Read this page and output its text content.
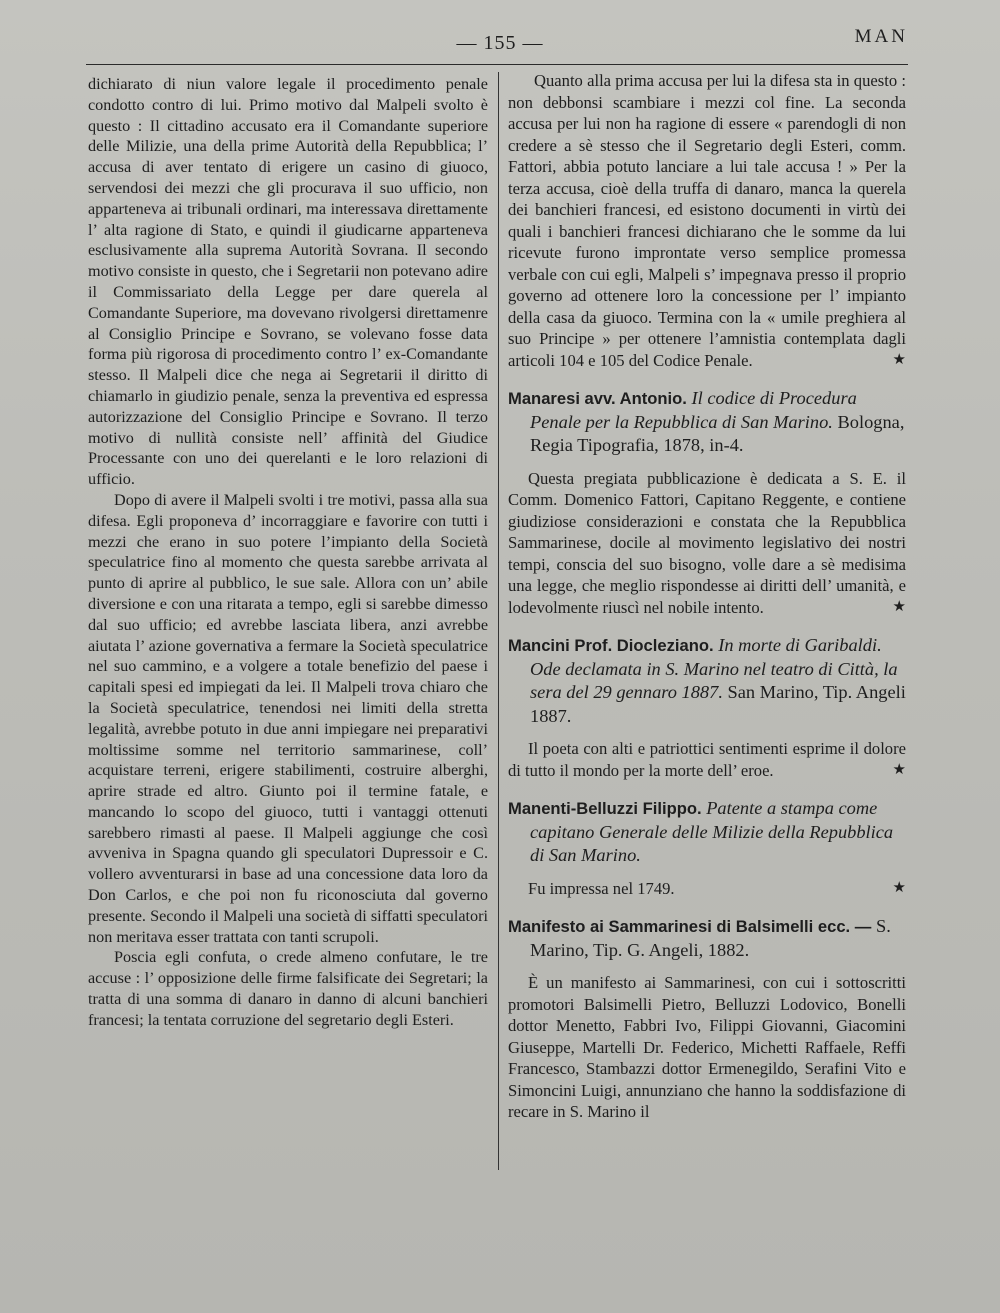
— 155 —	MAN

dichiarato di niun valore legale il procedimento penale condotto contro di lui. Primo motivo dal Malpeli svolto è questo : Il cittadino accusato era il Comandante superiore delle Milizie, una della prime Autorità della Repubblica; l’ accusa di aver tentato di erigere un casino di giuoco, servendosi dei mezzi che gli procurava il suo ufficio, non apparteneva ai tribunali ordinari, ma interessava direttamente l’ alta ragione di Stato, e quindi il giudicarne apparteneva esclusivamente alla suprema Autorità Sovrana. Il secondo motivo consiste in questo, che i Segretarii non potevano adire il Commissariato della Legge per dare querela al Comandante Superiore, ma dovevano rivolgersi direttamenre al Consiglio Principe e Sovrano, se volevano fosse data forma più rigorosa di procedimento contro l’ ex-Comandante stesso. Il Malpeli dice che nega ai Segretarii il diritto di chiamarlo in giudizio penale, senza la preventiva ed espressa autorizzazione del Consiglio Principe e Sovrano. Il terzo motivo di nullità consiste nell’ affinità del Giudice Processante con uno dei querelanti e le loro relazioni di ufficio.

Dopo di avere il Malpeli svolti i tre motivi, passa alla sua difesa. Egli proponeva d’ incorraggiare e favorire con tutti i mezzi che erano in suo potere l’impianto della Società speculatrice fino al momento che questa sarebbe arrivata al punto di aprire al pubblico, le sue sale. Allora con un’ abile diversione e con una ritarata a tempo, egli si sarebbe dimesso dal suo ufficio; ed avrebbe lasciata libera, anzi avrebbe aiutata l’ azione governativa a fermare la Società speculatrice nel suo cammino, e a volgere a totale benefizio del paese i capitali spesi ed impiegati da lei. Il Malpeli trova chiaro che la Società speculatrice, tenendosi nei limiti della stretta legalità, avrebbe potuto in due anni impiegare nei preparativi moltissime somme nel territorio sammarinese, coll’ acquistare terreni, erigere stabilimenti, costruire alberghi, aprire strade ed altro. Giunto poi il termine fatale, e mancando lo scopo del giuoco, tutti i vantaggi ottenuti sarebbero rimasti al paese. Il Malpeli aggiunge che così avveniva in Spagna quando gli speculatori Dupressoir e C. vollero avventurarsi in base ad una concessione data loro da Don Carlos, e che poi non fu riconosciuta dal governo presente. Secondo il Malpeli una società di siffatti speculatori non meritava esser trattata con tanti scrupoli.

Poscia egli confuta, o crede almeno confutare, le tre accuse : l’ opposizione delle firme falsificate dei Segretari; la tratta di una somma di danaro in danno di alcuni banchieri francesi; la tentata corruzione del segretario degli Esteri.

Quanto alla prima accusa per lui la difesa sta in questo : non debbonsi scambiare i mezzi col fine. La seconda accusa per lui non ha ragione di essere « parendogli di non credere a sè stesso che il Segretario degli Esteri, comm. Fattori, abbia potuto lanciare a lui tale accusa ! » Per la terza accusa, cioè della truffa di danaro, manca la querela dei banchieri francesi, ed esistono documenti in virtù dei quali i banchieri francesi dichiarano che le somme da lui ricevute furono improntate verso semplice promessa verbale con cui egli, Malpeli s’ impegnava presso il proprio governo ad ottenere loro la concessione per l’ impianto della casa da giuoco. Termina con la « umile preghiera al suo Principe » per ottenere l’amnistia contemplata dagli articoli 104 e 105 del Codice Penale.	★

Manaresi avv. Antonio. Il codice di Procedura Penale per la Repubblica di San Marino. Bologna, Regia Tipografia, 1878, in-4.

Questa pregiata pubblicazione è dedicata a S. E. il Comm. Domenico Fattori, Capitano Reggente, e contiene giudiziose considerazioni e constata che la Repubblica Sammarinese, docile al movimento legislativo dei nostri tempi, conscia del suo bisogno, volle dare a sè medisima una legge, che meglio rispondesse ai diritti dell’ umanità, e lodevolmente riuscì nel nobile intento.	★

Mancini Prof. Diocleziano. In morte di Garibaldi. Ode declamata in S. Marino nel teatro di Città, la sera del 29 gennaro 1887. San Marino, Tip. Angeli 1887.

Il poeta con alti e patriottici sentimenti esprime il dolore di tutto il mondo per la morte dell’ eroe.	★

Manenti-Belluzzi Filippo. Patente a stampa come capitano Generale delle Milizie della Repubblica di San Marino.

Fu impressa nel 1749.	★

Manifesto ai Sammarinesi di Balsimelli ecc. — S. Marino, Tip. G. Angeli, 1882.

È un manifesto ai Sammarinesi, con cui i sottoscritti promotori Balsimelli Pietro, Belluzzi Lodovico, Bonelli dottor Menetto, Fabbri Ivo, Filippi Giovanni, Giacomini Giuseppe, Martelli Dr. Federico, Michetti Raffaele, Reffi Francesco, Stambazzi dottor Ermenegildo, Serafini Vito e Simoncini Luigi, annunziano che hanno la soddisfazione di recare in S. Marino il
